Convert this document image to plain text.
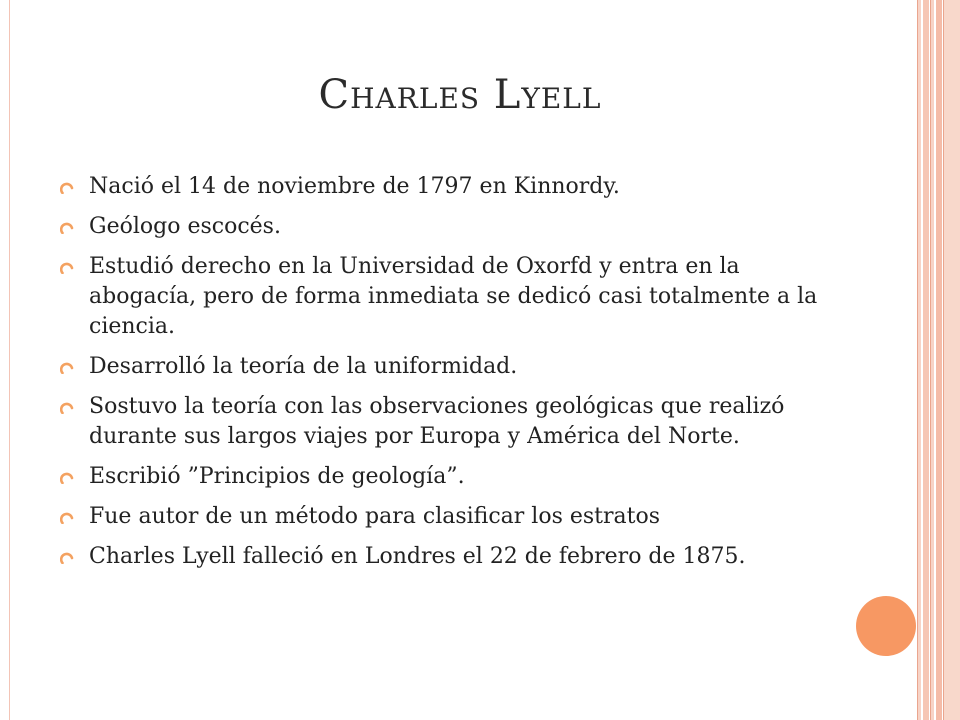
Charles Lyell
Nació el 14 de noviembre de 1797 en Kinnordy.
Geólogo escocés.
Estudió derecho en la Universidad de Oxorfd y entra en la abogacía, pero de forma inmediata se dedicó casi totalmente a la ciencia.
Desarrolló la teoría de la uniformidad.
Sostuvo la teoría con las observaciones geológicas que realizó durante sus largos viajes por Europa y América del Norte.
Escribió ”Principios de geología”.
Fue autor de un método para clasificar los estratos
Charles Lyell falleció en Londres el 22 de febrero de 1875.
